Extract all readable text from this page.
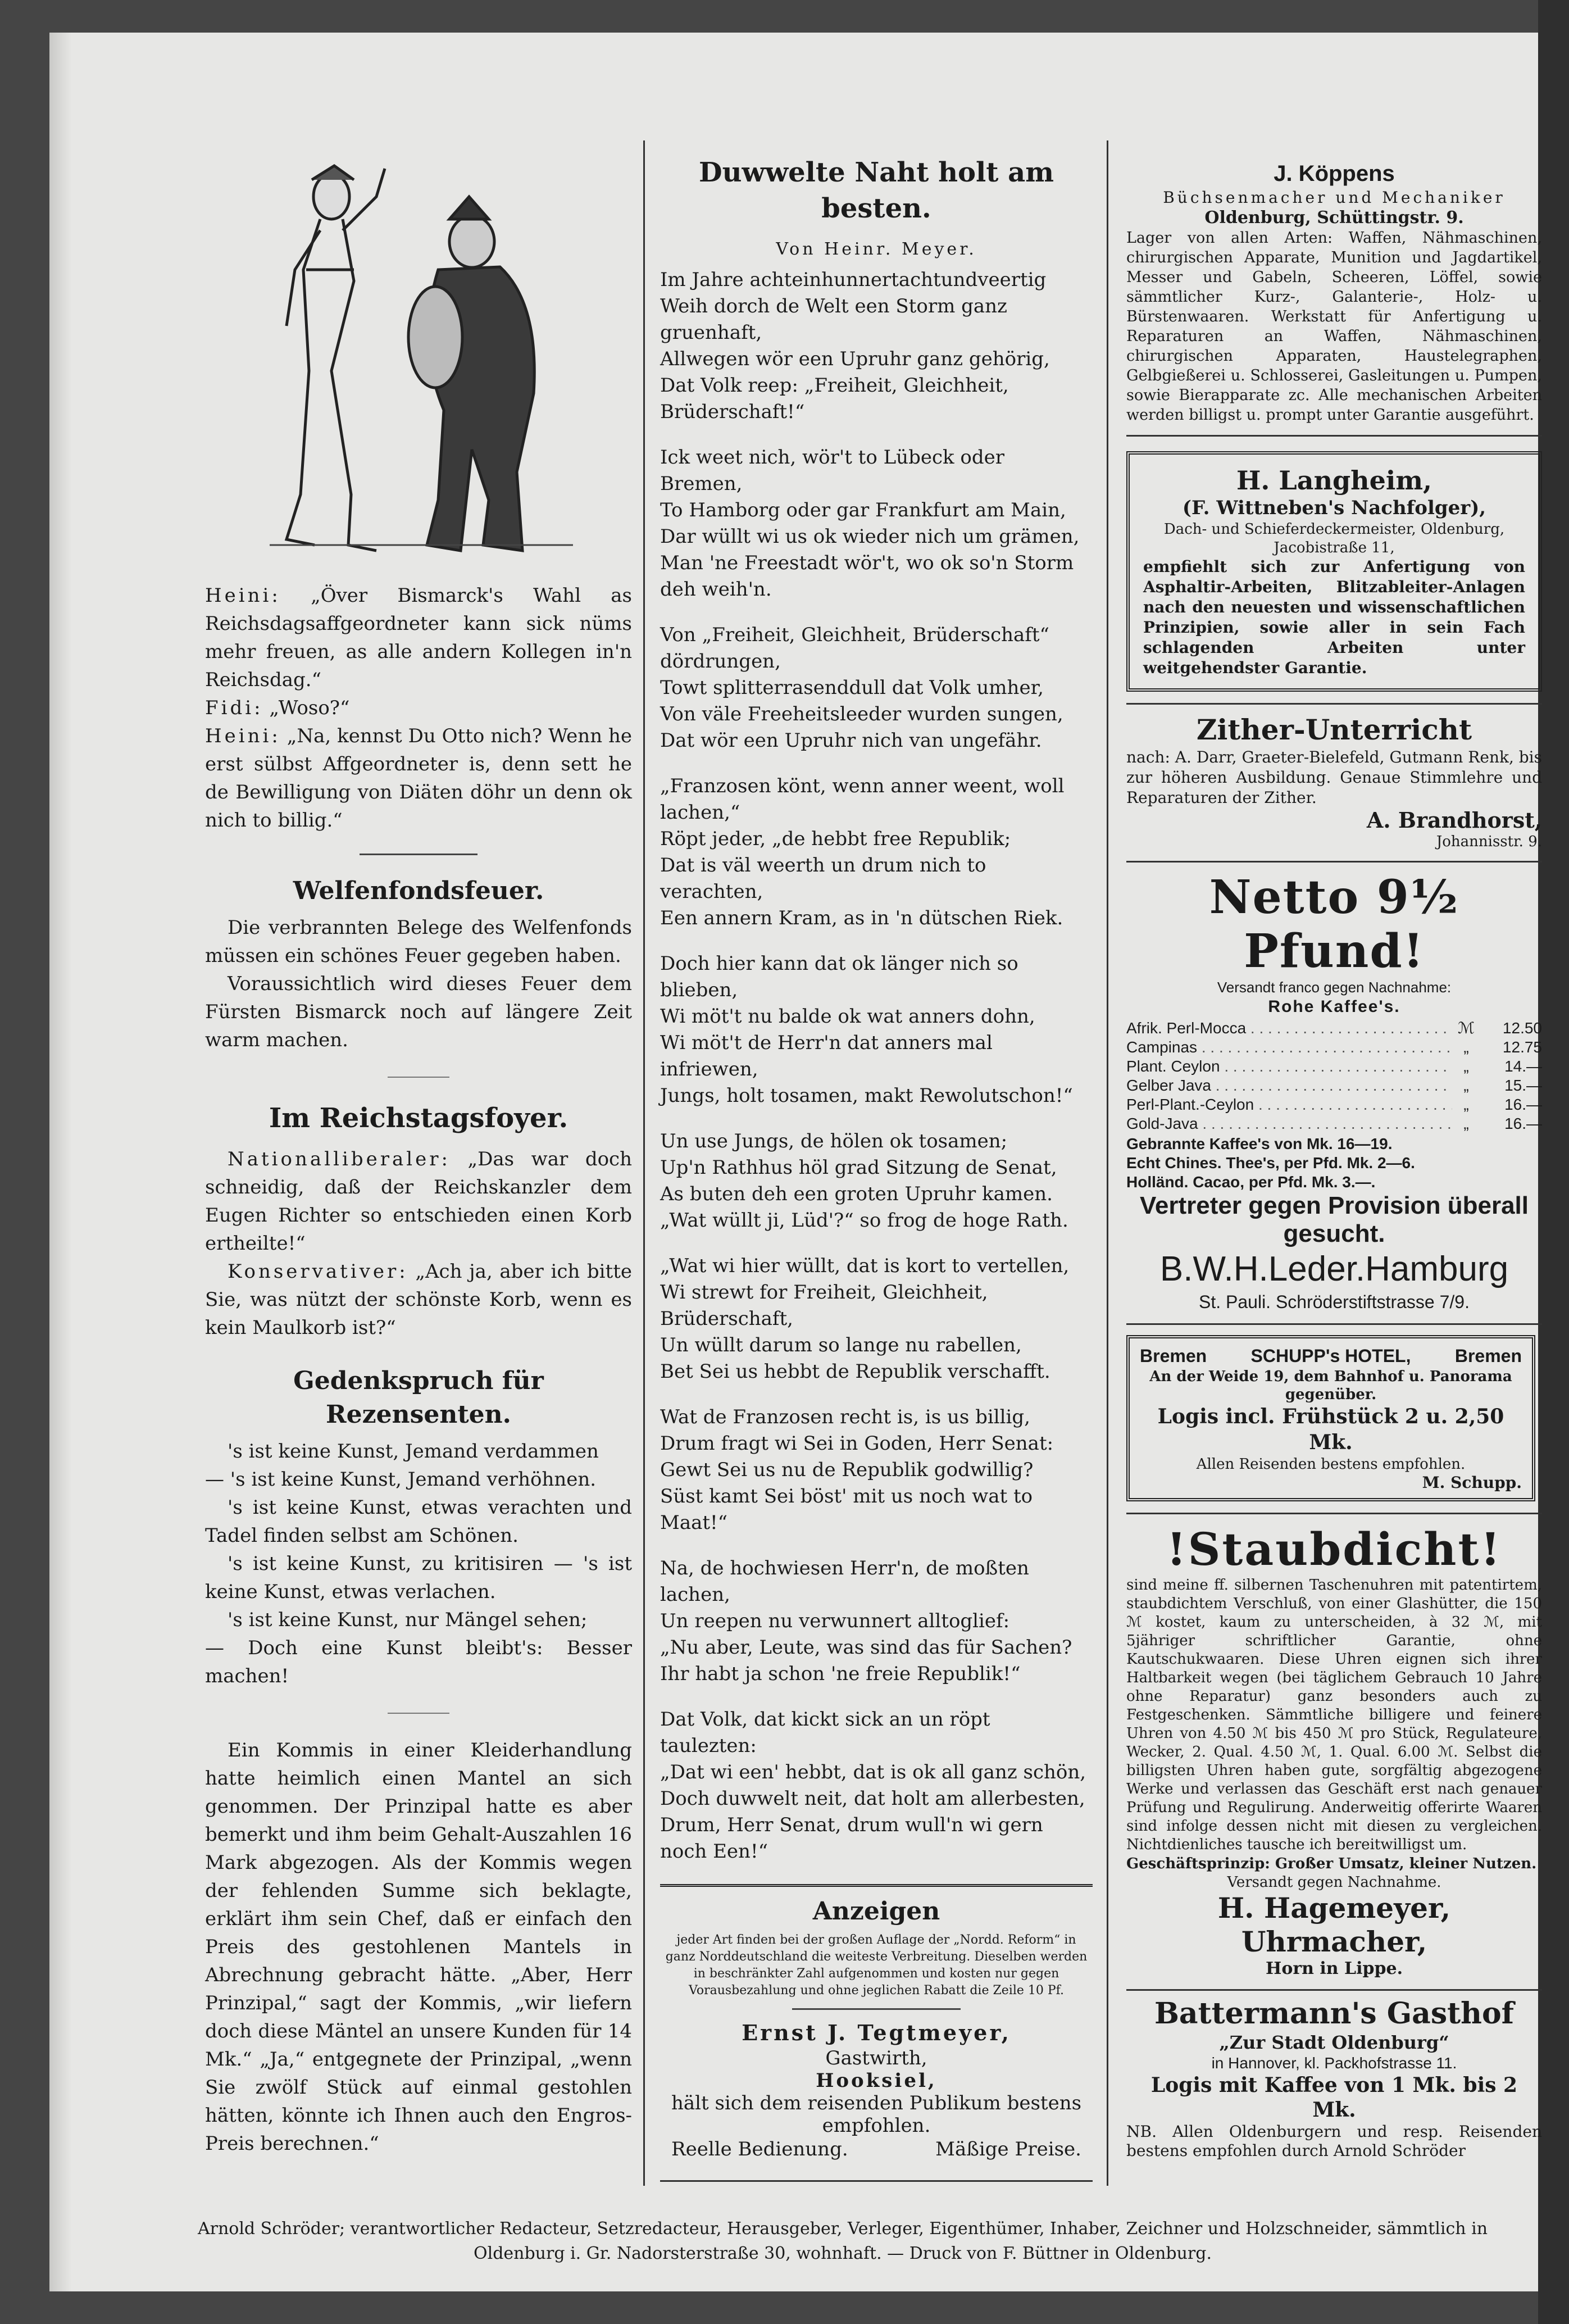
Heini: „Över Bismarck's Wahl as Reichsdagsaffgeordneter kann sick nüms mehr freuen, as alle andern Kollegen in'n Reichsdag.“

Fidi: „Woso?“

Heini: „Na, kennst Du Otto nich? Wenn he erst sülbst Affgeordneter is, denn sett he de Bewilligung von Diäten döhr un denn ok nich to billig.“

Welfenfondsfeuer.

Die verbrannten Belege des Welfenfonds müssen ein schönes Feuer gegeben haben.

Voraussichtlich wird dieses Feuer dem Fürsten Bismarck noch auf längere Zeit warm machen.

Im Reichstagsfoyer.

Nationalliberaler: „Das war doch schneidig, daß der Reichskanzler dem Eugen Richter so entschieden einen Korb ertheilte!“

Konservativer: „Ach ja, aber ich bitte Sie, was nützt der schönste Korb, wenn es kein Maulkorb ist?“

Gedenkspruch für Rezensenten.

's ist keine Kunst, Jemand verdammen

— 's ist keine Kunst, Jemand verhöhnen.

's ist keine Kunst, etwas verachten und Tadel finden selbst am Schönen.

's ist keine Kunst, zu kritisiren — 's ist keine Kunst, etwas verlachen.

's ist keine Kunst, nur Mängel sehen;

— Doch eine Kunst bleibt's: Besser machen!

Ein Kommis in einer Kleiderhandlung hatte heimlich einen Mantel an sich genommen. Der Prinzipal hatte es aber bemerkt und ihm beim Gehalt-Auszahlen 16 Mark abgezogen. Als der Kommis wegen der fehlenden Summe sich beklagte, erklärt ihm sein Chef, daß er einfach den Preis des gestohlenen Mantels in Abrechnung gebracht hätte. „Aber, Herr Prinzipal,“ sagt der Kommis, „wir liefern doch diese Mäntel an unsere Kunden für 14 Mk.“ „Ja,“ entgegnete der Prinzipal, „wenn Sie zwölf Stück auf einmal gestohlen hätten, könnte ich Ihnen auch den Engros-Preis berechnen.“

Duwwelte Naht holt am besten.

Von Heinr. Meyer.

Im Jahre achteinhunnertachtundveertig

Weih dorch de Welt een Storm ganz gruenhaft,

Allwegen wör een Upruhr ganz gehörig,

Dat Volk reep: „Freiheit, Gleichheit, Brüderschaft!“

Ick weet nich, wör't to Lübeck oder Bremen,

To Hamborg oder gar Frankfurt am Main,

Dar wüllt wi us ok wieder nich um grämen,

Man 'ne Freestadt wör't, wo ok so'n Storm deh weih'n.

Von „Freiheit, Gleichheit, Brüderschaft“ dördrungen,

Towt splitterrasenddull dat Volk umher,

Von väle Freeheitsleeder wurden sungen,

Dat wör een Upruhr nich van ungefähr.

„Franzosen könt, wenn anner weent, woll lachen,“

Röpt jeder, „de hebbt free Republik;

Dat is väl weerth un drum nich to verachten,

Een annern Kram, as in 'n dütschen Riek.

Doch hier kann dat ok länger nich so blieben,

Wi möt't nu balde ok wat anners dohn,

Wi möt't de Herr'n dat anners mal infriewen,

Jungs, holt tosamen, makt Rewolutschon!“

Un use Jungs, de hölen ok tosamen;

Up'n Rathhus höl grad Sitzung de Senat,

As buten deh een groten Upruhr kamen.

„Wat wüllt ji, Lüd'?“ so frog de hoge Rath.

„Wat wi hier wüllt, dat is kort to vertellen,

Wi strewt for Freiheit, Gleichheit, Brüderschaft,

Un wüllt darum so lange nu rabellen,

Bet Sei us hebbt de Republik verschafft.

Wat de Franzosen recht is, is us billig,

Drum fragt wi Sei in Goden, Herr Senat:

Gewt Sei us nu de Republik godwillig?

Süst kamt Sei böst' mit us noch wat to Maat!“

Na, de hochwiesen Herr'n, de moßten lachen,

Un reepen nu verwunnert alltoglief:

„Nu aber, Leute, was sind das für Sachen?

Ihr habt ja schon 'ne freie Republik!“

Dat Volk, dat kickt sick an un röpt taulezten:

„Dat wi een' hebbt, dat is ok all ganz schön,

Doch duwwelt neit, dat holt am allerbesten,

Drum, Herr Senat, drum wull'n wi gern noch Een!“

Anzeigen

jeder Art finden bei der großen Auflage der „Nordd. Reform“ in ganz Norddeutschland die weiteste Verbreitung. Dieselben werden in beschränkter Zahl aufgenommen und kosten nur gegen Vorausbezahlung und ohne jeglichen Rabatt die Zeile 10 Pf.

Ernst J. Tegtmeyer,

Gastwirth,

Hooksiel,

hält sich dem reisenden Publikum bestens empfohlen.

Reelle Bedienung.	Mäßige Preise.

J. Köppens

Büchsenmacher und Mechaniker

Oldenburg, Schüttingstr. 9.

Lager von allen Arten: Waffen, Nähmaschinen, chirurgischen Apparate, Munition und Jagdartikel, Messer und Gabeln, Scheeren, Löffel, sowie sämmtlicher Kurz-, Galanterie-, Holz- u. Bürstenwaaren. Werkstatt für Anfertigung u. Reparaturen an Waffen, Nähmaschinen, chirurgischen Apparaten, Haustelegraphen, Gelbgießerei u. Schlosserei, Gasleitungen u. Pumpen, sowie Bierapparate zc. Alle mechanischen Arbeiten werden billigst u. prompt unter Garantie ausgeführt.

H. Langheim,

(F. Wittneben's Nachfolger),

Dach- und Schieferdeckermeister, Oldenburg,

Jacobistraße 11,

empfiehlt sich zur Anfertigung von Asphaltir-Arbeiten, Blitzableiter-Anlagen nach den neuesten und wissenschaftlichen Prinzipien, sowie aller in sein Fach schlagenden Arbeiten unter weitgehendster Garantie.

Zither-Unterricht

nach: A. Darr, Graeter-Bielefeld, Gutmann Renk, bis zur höheren Ausbildung. Genaue Stimmlehre und Reparaturen der Zither.

A. Brandhorst,

Johannisstr. 9.

Netto 9½ Pfund!

Versandt franco gegen Nachnahme:

Rohe Kaffee's.

Afrik. Perl-Mocca . . .	ℳ	12.50
Campinas . . .	„	12.75
Plant. Ceylon . . .	„	14.—
Gelber Java . . .	„	15.—
Perl-Plant.-Ceylon . . .	„	16.—
Gold-Java . . .	„	16.—

Gebrannte Kaffee's von Mk. 16—19.

Echt Chines. Thee's, per Pfd. Mk. 2—6.

Holländ. Cacao, per Pfd. Mk. 3.—.

Vertreter gegen Provision überall gesucht.

B.W.H.Leder.Hamburg

St. Pauli. Schröderstiftstrasse 7/9.

Bremen SCHUPP's HOTEL, Bremen

An der Weide 19, dem Bahnhof u. Panorama gegenüber.

Logis incl. Frühstück 2 u. 2,50 Mk.

Allen Reisenden bestens empfohlen.

M. Schupp.

!Staubdicht!

sind meine ff. silbernen Taschenuhren mit patentirtem, staubdichtem Verschluß, von einer Glashütter, die 150 ℳ kostet, kaum zu unterscheiden, à 32 ℳ, mit 5jähriger schriftlicher Garantie, ohne Kautschukwaaren. Diese Uhren eignen sich ihrer Haltbarkeit wegen (bei täglichem Gebrauch 10 Jahre ohne Reparatur) ganz besonders auch zu Festgeschenken. Sämmtliche billigere und feinere Uhren von 4.50 ℳ bis 450 ℳ pro Stück, Regulateure, Wecker, 2. Qual. 4.50 ℳ, 1. Qual. 6.00 ℳ. Selbst die billigsten Uhren haben gute, sorgfältig abgezogene Werke und verlassen das Geschäft erst nach genauer Prüfung und Regulirung. Anderweitig offerirte Waaren sind infolge dessen nicht mit diesen zu vergleichen. Nichtdienliches tausche ich bereitwilligst um.

Geschäftsprinzip: Großer Umsatz, kleiner Nutzen.

Versandt gegen Nachnahme.

H. Hagemeyer, Uhrmacher,

Horn in Lippe.

Battermann's Gasthof

„Zur Stadt Oldenburg“

in Hannover, kl. Packhofstrasse 11.

Logis mit Kaffee von 1 Mk. bis 2 Mk.

NB. Allen Oldenburgern und resp. Reisenden bestens empfohlen durch Arnold Schröder

Arnold Schröder; verantwortlicher Redacteur, Setzredacteur, Herausgeber, Verleger, Eigenthümer, Inhaber, Zeichner und Holzschneider, sämmtlich in Oldenburg i. Gr. Nadorsterstraße 30, wohnhaft. — Druck von F. Büttner in Oldenburg.
